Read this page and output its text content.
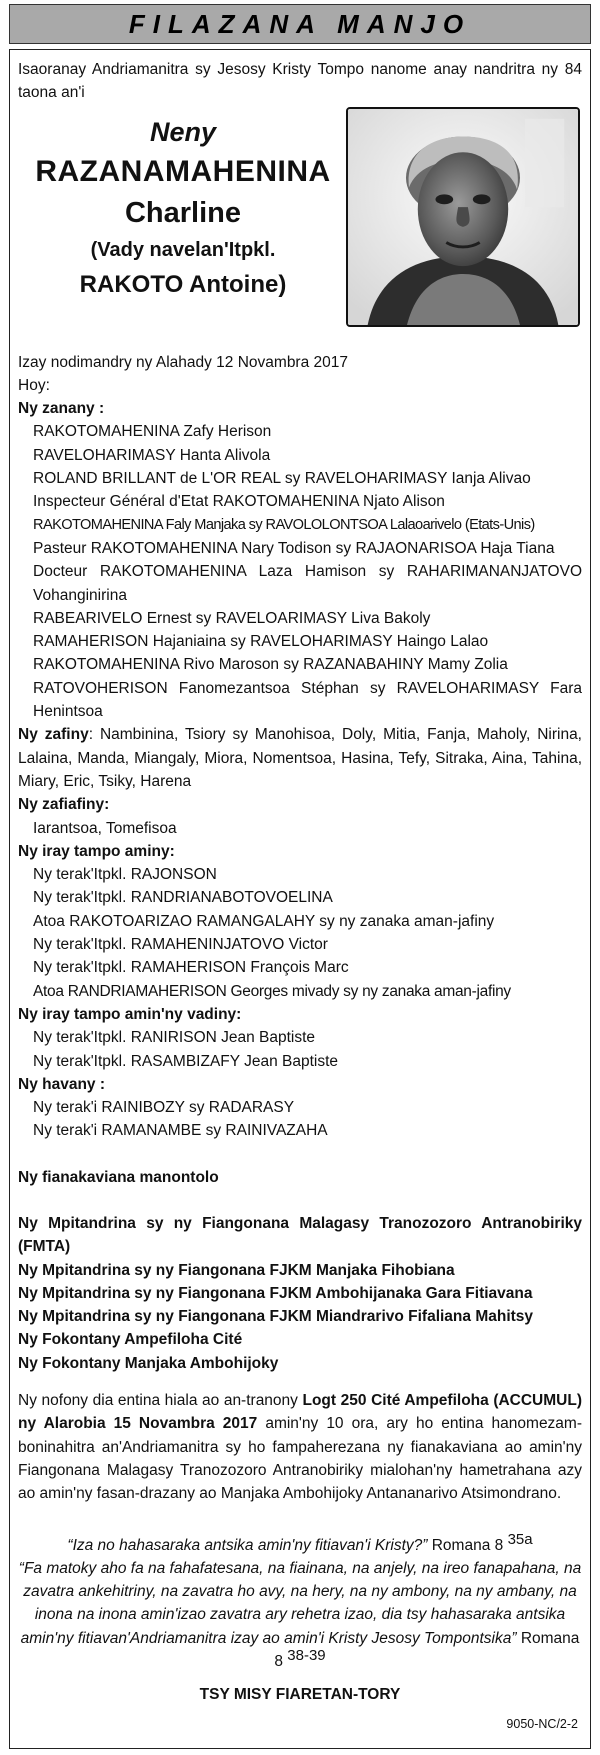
FILAZANA MANJO

Isaoranay Andriamanitra sy Jesosy Kristy Tompo nanome anay nandritra ny 84 taona an'i

Neny
RAZANAMAHENINA
Charline
(Vady navelan'Itpkl.
RAKOTO Antoine)

Izay nodimandry ny Alahady 12 Novambra 2017

Hoy:

Ny zanany :

RAKOTOMAHENINA Zafy Herison

RAVELOHARIMASY Hanta Alivola

ROLAND BRILLANT de L'OR REAL sy RAVELOHARIMASY Ianja Alivao

Inspecteur Général d'Etat RAKOTOMAHENINA Njato Alison

RAKOTOMAHENINA Faly Manjaka sy RAVOLOLONTSOA Lalaoarivelo (Etats-Unis)

Pasteur RAKOTOMAHENINA Nary Todison sy RAJAONARISOA Haja Tiana

Docteur RAKOTOMAHENINA Laza Hamison sy RAHARIMANANJATOVO Vohanginirina

RABEARIVELO Ernest sy RAVELOARIMASY Liva Bakoly

RAMAHERISON Hajaniaina sy RAVELOHARIMASY Haingo Lalao

RAKOTOMAHENINA Rivo Maroson sy RAZANABAHINY Mamy Zolia

RATOVOHERISON Fanomezantsoa Stéphan sy RAVELOHARIMASY Fara Henintsoa

Ny zafiny: Nambinina, Tsiory sy Manohisoa, Doly, Mitia, Fanja, Maholy, Nirina, Lalaina, Manda, Miangaly, Miora, Nomentsoa, Hasina, Tefy, Sitraka, Aina, Tahina, Miary, Eric, Tsiky, Harena

Ny zafiafiny:

Iarantsoa, Tomefisoa

Ny iray tampo aminy:

Ny terak'Itpkl. RAJONSON

Ny terak'Itpkl. RANDRIANABOTOVOELINA

Atoa RAKOTOARIZAO RAMANGALAHY sy ny zanaka aman-jafiny

Ny terak'Itpkl. RAMAHENINJATOVO Victor

Ny terak'Itpkl. RAMAHERISON François Marc

Atoa RANDRIAMAHERISON Georges mivady sy ny zanaka aman-jafiny

Ny iray tampo amin'ny vadiny:

Ny terak'Itpkl. RANIRISON Jean Baptiste

Ny terak'Itpkl. RASAMBIZAFY Jean Baptiste

Ny havany :

Ny terak'i RAINIBOZY sy RADARASY

Ny terak'i RAMANAMBE sy RAINIVAZAHA

Ny fianakaviana manontolo

Ny Mpitandrina sy ny Fiangonana Malagasy Tranozozoro Antranobiriky (FMTA)

Ny Mpitandrina sy ny Fiangonana FJKM Manjaka Fihobiana

Ny Mpitandrina sy ny Fiangonana FJKM Ambohijanaka Gara Fitiavana

Ny Mpitandrina sy ny Fiangonana FJKM Miandrarivo Fifaliana Mahitsy

Ny Fokontany Ampefiloha Cité

Ny Fokontany Manjaka Ambohijoky

Ny nofony dia entina hiala ao an-tranony Logt 250 Cité Ampefiloha (ACCUMUL) ny Alarobia 15 Novambra 2017 amin'ny 10 ora, ary ho entina hanomezam-boninahitra an'Andriamanitra sy ho fampaherezana ny fianakaviana ao amin'ny Fiangonana Malagasy Tranozozoro Antranobiriky mialohan'ny hametrahana azy ao amin'ny fasan-drazany ao Manjaka Ambohijoky Antananarivo Atsimondrano.

“Iza no hahasaraka antsika amin'ny fitiavan'i Kristy?” Romana 8 $^{35a}$

“Fa matoky aho fa na fahafatesana, na fiainana, na anjely, na ireo fanapahana, na zavatra ankehitriny, na zavatra ho avy, na hery, na ny ambony, na ny ambany, na inona na inona amin'izao zavatra ary rehetra izao, dia tsy hahasaraka antsika amin'ny fitiavan'Andriamanitra izay ao amin'i Kristy Jesosy Tompontsika” Romana 8 $^{38-39}$

TSY MISY FIARETAN-TORY

9050-NC/2-2
